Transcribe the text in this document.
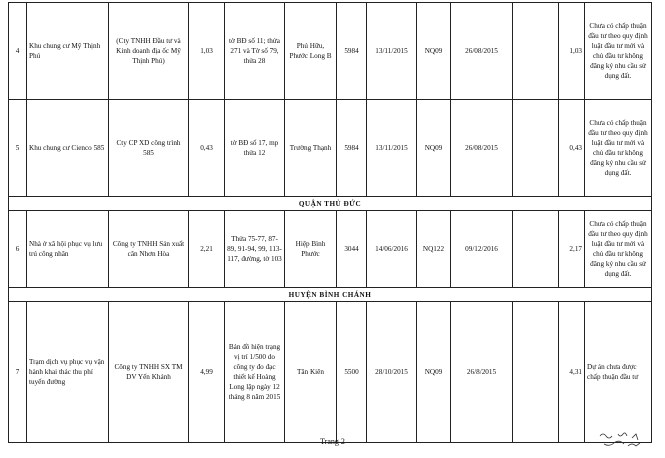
4	Khu chung cư Mỹ Thịnh Phú	(Cty TNHH Đầu tư và Kinh doanh địa ốc Mỹ Thịnh Phú)	1,03	tờ BĐ số 11; thửa 271 và Tờ số 79, thửa 28	Phú Hữu, Phước Long B	5984	13/11/2015	NQ09	26/08/2015		1,03	Chưa có chấp thuận đầu tư theo quy định luật đầu tư mới và chủ đầu tư không đăng ký nhu cầu sử dụng đất.
5	Khu chung cư Cienco 585	Cty CP XD công trình 585	0,43	tờ BĐ số 17, mp thửa 12	Trường Thạnh	5984	13/11/2015	NQ09	26/08/2015		0,43	Chưa có chấp thuận đầu tư theo quy định luật đầu tư mới và chủ đầu tư không đăng ký nhu cầu sử dụng đất.
QUẬN THỦ ĐỨC												
6	Nhà ở xã hội phục vụ lưu trú công nhân	Công ty TNHH Sản xuất cân Nhơn Hòa	2,21	Thửa 75-77, 87-89, 91-94, 99, 113-117, đường, tờ 103	Hiệp Bình Phước	3044	14/06/2016	NQ122	09/12/2016		2,17	Chưa có chấp thuận đầu tư theo quy định luật đầu tư mới và chủ đầu tư không đăng ký nhu cầu sử dụng đất.
HUYỆN BÌNH CHÁNH												
7	Trạm dịch vụ phục vụ vận hành khai thác thu phí tuyến đường	Công ty TNHH SX TM DV Yến Khánh	4,99	Bản đồ hiện trạng vị trí 1/500 do công ty đo đạc thiết kế Hoàng Long lập ngày 12 tháng 8 năm 2015	Tân Kiên	5500	28/10/2015	NQ09	26/8/2015		4,31	Dự án chưa được chấp thuận đầu tư
Trang 2
